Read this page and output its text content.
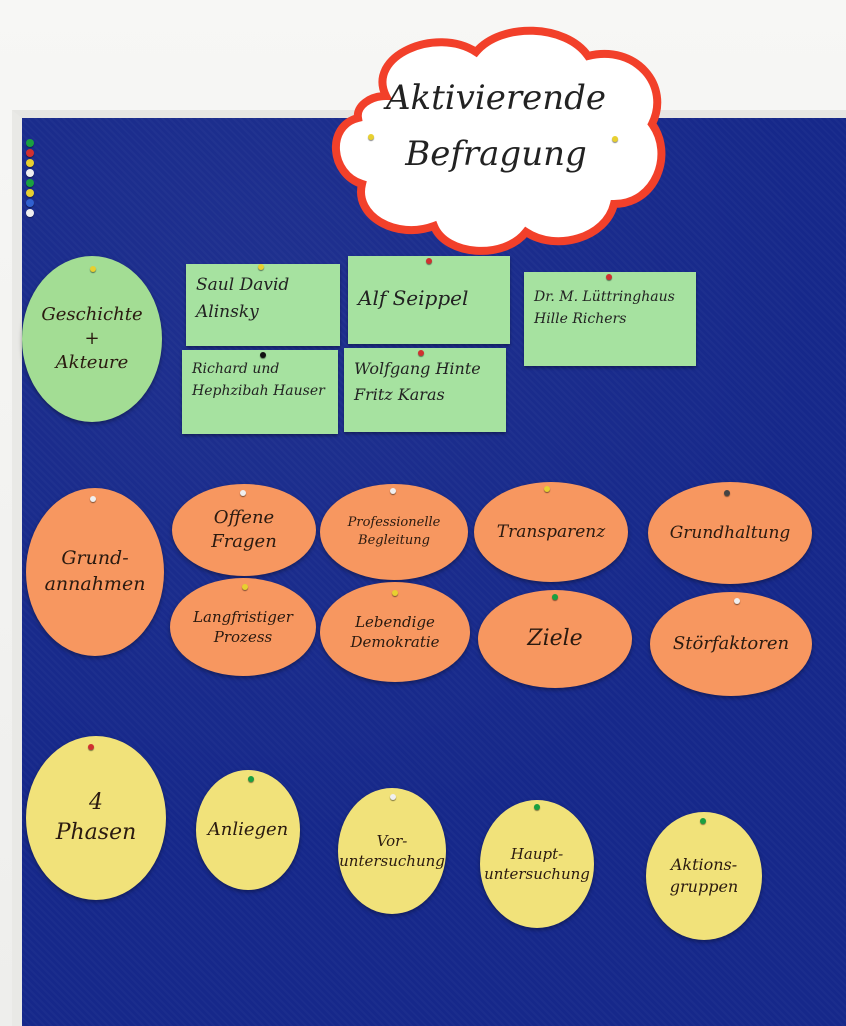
Aktivierende
Befragung
Geschichte
+
Akteure
Saul David
Alinsky
Alf Seippel	Dr. M. Lüttringhaus
Hille Richers
Richard und
Hephzibah Hauser
Wolfgang Hinte
Fritz Karas
Grund-
annahmen
Offene
Fragen
Professionelle
Begleitung	Transparenz	Grundhaltung
Langfristiger
Prozess
Lebendige
Demokratie	Ziele	Störfaktoren
4
Phasen	Anliegen
Vor-
untersuchung	Haupt-
untersuchung	Aktions-
gruppen
